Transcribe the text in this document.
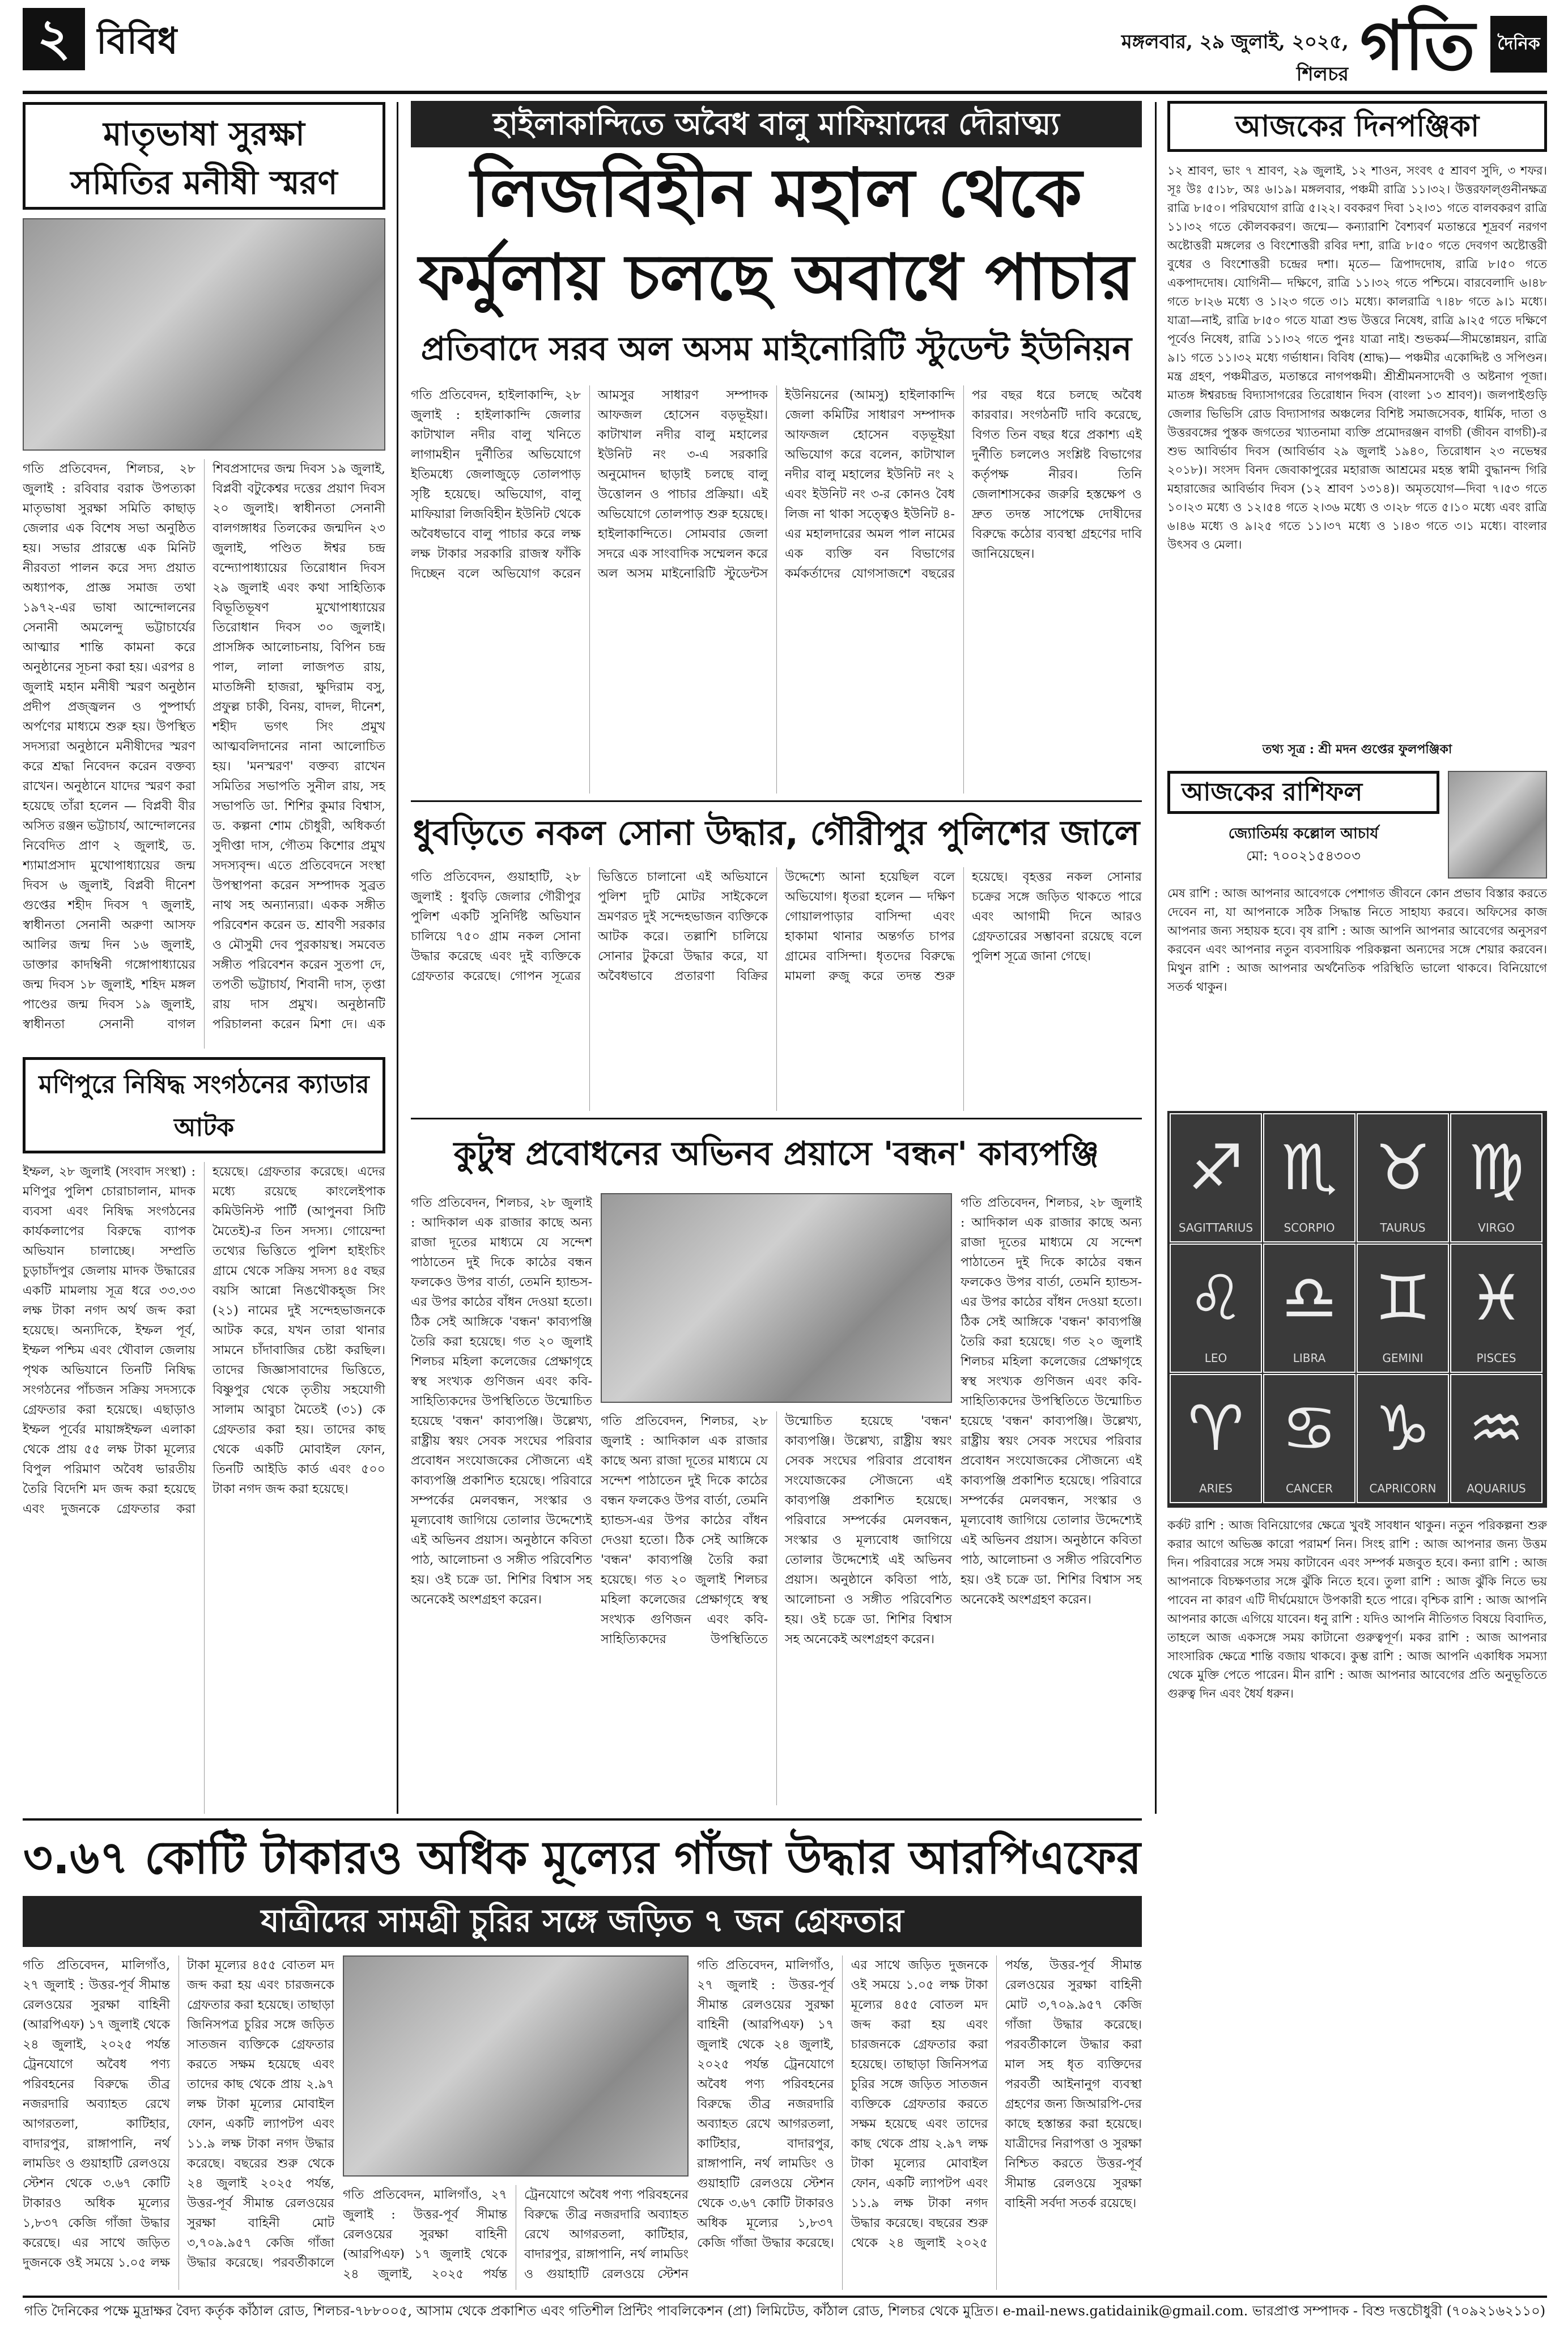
২ বিবিধ	মঙ্গলবার, ২৯ জুলাই, ২০২৫, শিলচর গতি	দৈনিক
মাতৃভাষা সুরক্ষা
সমিতির মনীষী স্মরণ
গতি প্রতিবেদন, শিলচর, ২৮ জুলাই : রবিবার বরাক উপত্যকা মাতৃভাষা সুরক্ষা সমিতি কাছাড় জেলার এক বিশেষ সভা অনুষ্ঠিত হয়। সভার প্রারম্ভে এক মিনিট নীরবতা পালন করে সদ্য প্রয়াত অধ্যাপক, প্রাজ্ঞ সমাজ তথা ১৯৭২-এর ভাষা আন্দোলনের সেনানী অমলেন্দু ভট্টাচার্যের আত্মার শান্তি কামনা করে অনুষ্ঠানের সূচনা করা হয়। এরপর ৪ জুলাই মহান মনীষী স্মরণ অনুষ্ঠান প্রদীপ প্রজ্জ্বলন ও পুষ্পার্ঘ্য অর্পণের মাধ্যমে শুরু হয়। উপস্থিত সদস্যরা অনুষ্ঠানে মনীষীদের স্মরণ করে শ্রদ্ধা নিবেদন করেন বক্তব্য রাখেন। অনুষ্ঠানে যাদের স্মরণ করা হয়েছে তাঁরা হলেন — বিপ্লবী বীর অসিত রঞ্জন ভট্টাচার্য, আন্দোলনের নিবেদিত প্রাণ ২ জুলাই, ড. শ্যামাপ্রসাদ মুখোপাধ্যায়ের জন্ম দিবস ৬ জুলাই, বিপ্লবী দীনেশ গুপ্তের শহীদ দিবস ৭ জুলাই, স্বাধীনতা সেনানী অরুণা আসফ আলির জন্ম দিন ১৬ জুলাই, ডাক্তার কাদম্বিনী গঙ্গোপাধ্যায়ের জন্ম দিবস ১৮ জুলাই, শহিদ মঙ্গল পাণ্ডের জন্ম দিবস ১৯ জুলাই, স্বাধীনতা সেনানী বাগল শিবপ্রসাদের জন্ম দিবস ১৯ জুলাই, বিপ্লবী বটুকেশ্বর দত্তের প্রয়াণ দিবস ২০ জুলাই। স্বাধীনতা সেনানী বালগঙ্গাধর তিলকের জন্মদিন ২৩ জুলাই, পণ্ডিত ঈশ্বর চন্দ্র বন্দ্যোপাধ্যায়ের তিরোধান দিবস ২৯ জুলাই এবং কথা সাহিত্যিক বিভূতিভূষণ মুখোপাধ্যায়ের তিরোধান দিবস ৩০ জুলাই। প্রাসঙ্গিক আলোচনায়, বিপিন চন্দ্র পাল, লালা লাজপত রায়, মাতঙ্গিনী হাজরা, ক্ষুদিরাম বসু, প্রফুল্ল চাকী, বিনয়, বাদল, দীনেশ, শহীদ ভগৎ সিং প্রমুখ আত্মবলিদানের নানা আলোচিত হয়। 'মনস্মরণ' বক্তব্য রাখেন সমিতির সভাপতি সুনীল রায়, সহ সভাপতি ডা. শিশির কুমার বিশ্বাস, ড. কল্পনা শোম চৌধুরী, অধিকর্তা সুদীপ্তা দাস, গৌতম কিশোর প্রমুখ সদস্যবৃন্দ। এতে প্রতিবেদনে সংস্থা উপস্থাপনা করেন সম্পাদক সুব্রত নাথ সহ অন্যান্যরা। একক সঙ্গীত পরিবেশন করেন ড. শ্রাবণী সরকার ও মৌসুমী দেব পুরকায়স্থ। সমবেত সঙ্গীত পরিবেশন করেন সুতপা দে, তপতী ভট্টাচার্য, শিবানী দাস, তৃপ্তা রায় দাস প্রমুখ। অনুষ্ঠানটি পরিচালনা করেন মিশা দে। এক
মণিপুরে নিষিদ্ধ সংগঠনের ক্যাডার আটক
ইম্ফল, ২৮ জুলাই (সংবাদ সংস্থা) : মণিপুর পুলিশ চোরাচালান, মাদক ব্যবসা এবং নিষিদ্ধ সংগঠনের কার্যকলাপের বিরুদ্ধে ব্যাপক অভিযান চালাচ্ছে। সম্প্রতি চুড়াচাঁদপুর জেলায় মাদক উদ্ধারের একটি মামলায় সূত্র ধরে ৩৩.৩৩ লক্ষ টাকা নগদ অর্থ জব্দ করা হয়েছে। অন্যদিকে, ইম্ফল পূর্ব, ইম্ফল পশ্চিম এবং থৌবাল জেলায় পৃথক অভিযানে তিনটি নিষিদ্ধ সংগঠনের পাঁচজন সক্রিয় সদস্যকে গ্রেফতার করা হয়েছে। এছাড়াও ইম্ফল পূর্বের মায়াঙ্গইম্ফল এলাকা থেকে প্রায় ৫৫ লক্ষ টাকা মূল্যের বিপুল পরিমাণ অবৈধ ভারতীয় তৈরি বিদেশি মদ জব্দ করা হয়েছে এবং দুজনকে গ্রেফতার করা হয়েছে। গ্রেফতার করেছে। এদের মধ্যে রয়েছে কাংলেইপাক কমিউনিস্ট পার্টি (আপুনবা সিটি মৈতেই)-র তিন সদস্য। গোয়েন্দা তথ্যের ভিত্তিতে পুলিশ হাইংচিং গ্রামে থেকে সক্রিয় সদস্য ৪৫ বছর বয়সি আন্নো নিঙথৌকহ্জ সিং (২১) নামের দুই সন্দেহভাজনকে আটক করে, যখন তারা থানার সামনে চাঁদাবাজির চেষ্টা করছিল। তাদের জিজ্ঞাসাবাদের ভিত্তিতে, বিষ্ণুপুর থেকে তৃতীয় সহযোগী সালাম আবুচা মৈতেই (৩১) কে গ্রেফতার করা হয়। তাদের কাছ থেকে একটি মোবাইল ফোন, তিনটি আইডি কার্ড এবং ৫০০ টাকা নগদ জব্দ করা হয়েছে।
হাইলাকান্দিতে অবৈধ বালু মাফিয়াদের দৌরাত্ম্য
লিজবিহীন মহাল থেকে
ফর্মুলায় চলছে অবাধে পাচার
প্রতিবাদে সরব অল অসম মাইনোরিটি স্টুডেন্ট ইউনিয়ন
গতি প্রতিবেদন, হাইলাকান্দি, ২৮ জুলাই : হাইলাকান্দি জেলার কাটাখাল নদীর বালু খনিতে লাগামহীন দুর্নীতির অভিযোগে ইতিমধ্যে জেলাজুড়ে তোলপাড় সৃষ্টি হয়েছে। অভিযোগ, বালু মাফিয়ারা লিজবিহীন ইউনিট থেকে অবৈধভাবে বালু পাচার করে লক্ষ লক্ষ টাকার সরকারি রাজস্ব ফাঁকি দিচ্ছেন বলে অভিযোগ করেন আমসুর সাধারণ সম্পাদক আফজল হোসেন বড়ভূইয়া। কাটাখাল নদীর বালু মহালের ইউনিট নং ৩-এ সরকারি অনুমোদন ছাড়াই চলছে বালু উত্তোলন ও পাচার প্রক্রিয়া। এই অভিযোগে তোলপাড় শুরু হয়েছে। হাইলাকান্দিতে। সোমবার জেলা সদরে এক সাংবাদিক সম্মেলন করে অল অসম মাইনোরিটি স্টুডেন্টস ইউনিয়নের (আমসু) হাইলাকান্দি জেলা কমিটির সাধারণ সম্পাদক আফজল হোসেন বড়ভূইয়া অভিযোগ করে বলেন, কাটাখাল নদীর বালু মহালের ইউনিট নং ২ এবং ইউনিট নং ৩-র কোনও বৈধ লিজ না থাকা সত্ত্বেও ইউনিট ৪-এর মহালদারের অমল পাল নামের এক ব্যক্তি বন বিভাগের কর্মকর্তাদের যোগসাজশে বছরের পর বছর ধরে চলছে অবৈধ কারবার। সংগঠনটি দাবি করেছে, বিগত তিন বছর ধরে প্রকাশ্য এই দুর্নীতি চললেও সংশ্লিষ্ট বিভাগের কর্তৃপক্ষ নীরব। তিনি জেলাশাসকের জরুরি হস্তক্ষেপ ও দ্রুত তদন্ত সাপেক্ষে দোষীদের বিরুদ্ধে কঠোর ব্যবস্থা গ্রহণের দাবি জানিয়েছেন।
ধুবড়িতে নকল সোনা উদ্ধার, গৌরীপুর পুলিশের জালে
গতি প্রতিবেদন, গুয়াহাটি, ২৮ জুলাই : ধুবড়ি জেলার গৌরীপুর পুলিশ একটি সুনির্দিষ্ট অভিযান চালিয়ে ৭৫০ গ্রাম নকল সোনা উদ্ধার করেছে এবং দুই ব্যক্তিকে গ্রেফতার করেছে। গোপন সূত্রের ভিত্তিতে চালানো এই অভিযানে পুলিশ দুটি মোটর সাইকেলে ভ্রমণরত দুই সন্দেহভাজন ব্যক্তিকে আটক করে। তল্লাশি চালিয়ে সোনার টুকরো উদ্ধার করে, যা অবৈধভাবে প্রতারণা বিক্রির উদ্দেশ্যে আনা হয়েছিল বলে অভিযোগ। ধৃতরা হলেন — দক্ষিণ গোয়ালপাড়ার বাসিন্দা এবং হাকামা থানার অন্তর্গত চাপর গ্রামের বাসিন্দা। ধৃতদের বিরুদ্ধে মামলা রুজু করে তদন্ত শুরু হয়েছে। বৃহত্তর নকল সোনার চক্রের সঙ্গে জড়িত থাকতে পারে এবং আগামী দিনে আরও গ্রেফতারের সম্ভাবনা রয়েছে বলে পুলিশ সূত্রে জানা গেছে।
কুটুম্ব প্রবোধনের অভিনব প্রয়াসে 'বন্ধন' কাব্যপঞ্জি
গতি প্রতিবেদন, শিলচর, ২৮ জুলাই : আদিকাল এক রাজার কাছে অন্য রাজা দূতের মাধ্যমে যে সন্দেশ পাঠাতেন দুই দিকে কাঠের বন্ধন ফলকেও উপর বার্তা, তেমনি হ্যান্ডস-এর উপর কাঠের বাঁধন দেওয়া হতো। ঠিক সেই আঙ্গিকে 'বন্ধন' কাব্যপঞ্জি তৈরি করা হয়েছে। গত ২০ জুলাই শিলচর মহিলা কলেজের প্রেক্ষাগৃহে স্বস্থ সংখ্যক গুণিজন এবং কবি-সাহিত্যিকদের উপস্থিতিতে উন্মোচিত হয়েছে 'বন্ধন' কাব্যপঞ্জি। উল্লেখ্য, রাষ্ট্রীয় স্বয়ং সেবক সংঘের পরিবার প্রবোধন সংযোজকের সৌজন্যে এই কাব্যপঞ্জি প্রকাশিত হয়েছে। পরিবারে সম্পর্কের মেলবন্ধন, সংস্কার ও মূল্যবোধ জাগিয়ে তোলার উদ্দেশ্যেই এই অভিনব প্রয়াস। অনুষ্ঠানে কবিতা পাঠ, আলোচনা ও সঙ্গীত পরিবেশিত হয়। ওই চক্রে ডা. শিশির বিশ্বাস সহ অনেকেই অংশগ্রহণ করেন।
গতি প্রতিবেদন, শিলচর, ২৮ জুলাই : আদিকাল এক রাজার কাছে অন্য রাজা দূতের মাধ্যমে যে সন্দেশ পাঠাতেন দুই দিকে কাঠের বন্ধন ফলকেও উপর বার্তা, তেমনি হ্যান্ডস-এর উপর কাঠের বাঁধন দেওয়া হতো। ঠিক সেই আঙ্গিকে 'বন্ধন' কাব্যপঞ্জি তৈরি করা হয়েছে। গত ২০ জুলাই শিলচর মহিলা কলেজের প্রেক্ষাগৃহে স্বস্থ সংখ্যক গুণিজন এবং কবি-সাহিত্যিকদের উপস্থিতিতে উন্মোচিত হয়েছে 'বন্ধন' কাব্যপঞ্জি। উল্লেখ্য, রাষ্ট্রীয় স্বয়ং সেবক সংঘের পরিবার প্রবোধন সংযোজকের সৌজন্যে এই কাব্যপঞ্জি প্রকাশিত হয়েছে। পরিবারে সম্পর্কের মেলবন্ধন, সংস্কার ও মূল্যবোধ জাগিয়ে তোলার উদ্দেশ্যেই এই অভিনব প্রয়াস। অনুষ্ঠানে কবিতা পাঠ, আলোচনা ও সঙ্গীত পরিবেশিত হয়। ওই চক্রে ডা. শিশির বিশ্বাস সহ অনেকেই অংশগ্রহণ করেন।
গতি প্রতিবেদন, শিলচর, ২৮ জুলাই : আদিকাল এক রাজার কাছে অন্য রাজা দূতের মাধ্যমে যে সন্দেশ পাঠাতেন দুই দিকে কাঠের বন্ধন ফলকেও উপর বার্তা, তেমনি হ্যান্ডস-এর উপর কাঠের বাঁধন দেওয়া হতো। ঠিক সেই আঙ্গিকে 'বন্ধন' কাব্যপঞ্জি তৈরি করা হয়েছে। গত ২০ জুলাই শিলচর মহিলা কলেজের প্রেক্ষাগৃহে স্বস্থ সংখ্যক গুণিজন এবং কবি-সাহিত্যিকদের উপস্থিতিতে উন্মোচিত হয়েছে 'বন্ধন' কাব্যপঞ্জি। উল্লেখ্য, রাষ্ট্রীয় স্বয়ং সেবক সংঘের পরিবার প্রবোধন সংযোজকের সৌজন্যে এই কাব্যপঞ্জি প্রকাশিত হয়েছে। পরিবারে সম্পর্কের মেলবন্ধন, সংস্কার ও মূল্যবোধ জাগিয়ে তোলার উদ্দেশ্যেই এই অভিনব প্রয়াস। অনুষ্ঠানে কবিতা পাঠ, আলোচনা ও সঙ্গীত পরিবেশিত হয়। ওই চক্রে ডা. শিশির বিশ্বাস সহ অনেকেই অংশগ্রহণ করেন।
আজকের দিনপঞ্জিকা
১২ শ্রাবণ, ভাং ৭ শ্রাবণ, ২৯ জুলাই, ১২ শাওন, সংবৎ ৫ শ্রাবণ সুদি, ৩ শফর। সূঃ উঃ ৫।১৮, অঃ ৬।১৯। মঙ্গলবার, পঞ্চমী রাত্রি ১১।৩২। উত্তরফাল্গুনীনক্ষত্র রাত্রি ৮।৫০। পরিঘযোগ রাত্রি ৫।২২। ববকরণ দিবা ১২।৩১ গতে বালবকরণ রাত্রি ১১।৩২ গতে কৌলবকরণ। জন্মে— কন্যারাশি বৈশ্যবর্ণ মতান্তরে শূদ্রবর্ণ নরগণ অষ্টোত্তরী মঙ্গলের ও বিংশোত্তরী রবির দশা, রাত্রি ৮।৫০ গতে দেবগণ অষ্টোত্তরী বুধের ও বিংশোত্তরী চন্দ্রের দশা। মৃতে— ত্রিপাদদোষ, রাত্রি ৮।৫০ গতে একপাদদোষ। যোগিনী— দক্ষিণে, রাত্রি ১১।৩২ গতে পশ্চিমে। বারবেলাদি ৬।৪৮ গতে ৮।২৬ মধ্যে ও ১।২৩ গতে ৩।১ মধ্যে। কালরাত্রি ৭।৪৮ গতে ৯।১ মধ্যে। যাত্রা—নাই, রাত্রি ৮।৫০ গতে যাত্রা শুভ উত্তরে নিষেধ, রাত্রি ৯।২৫ গতে দক্ষিণে পূর্বেও নিষেধ, রাত্রি ১১।৩২ গতে পুনঃ যাত্রা নাই। শুভকর্ম—সীমন্তোন্নয়ন, রাত্রি ৯।১ গতে ১১।৩২ মধ্যে গর্ভাধান। বিবিধ (শ্রাদ্ধ)— পঞ্চমীর একোদ্দিষ্ট ও সপিণ্ডন। মন্ত্র গ্রহণ, পঞ্চমীব্রত, মতান্তরে নাগপঞ্চমী। শ্রীশ্রীমনসাদেবী ও অষ্টনাগ পূজা। মাতঙ্গ ঈশ্বরচন্দ্র বিদ্যাসাগরের তিরোধান দিবস (বাংলা ১৩ শ্রাবণ)। জলপাইগুড়ি জেলার ভিভিসি রোড বিদ্যাসাগর অঞ্চলের বিশিষ্ট সমাজসেবক, ধার্মিক, দাতা ও উত্তরবঙ্গের পুস্তক জগতের খ্যাতনামা ব্যক্তি প্রমোদরঞ্জন বাগচী (জীবন বাগচী)-র শুভ আবির্ভাব দিবস (আবির্ভাব ২৯ জুলাই ১৯৪০, তিরোধান ২৩ নভেম্বর ২০১৮)। সংসদ বিনদ জেবাকাপুরের মহারাজ আশ্রমের মহন্ত স্বামী বুদ্ধানন্দ গিরি মহারাজের আবির্ভাব দিবস (১২ শ্রাবণ ১৩১৪)। অমৃতযোগ—দিবা ৭।৫৩ গতে ১০।২৩ মধ্যে ও ১২।৫৪ গতে ২।৩৬ মধ্যে ও ৩।২৮ গতে ৫।১০ মধ্যে এবং রাত্রি ৬।৪৬ মধ্যে ও ৯।২৫ গতে ১১।৩৭ মধ্যে ও ১।৪৩ গতে ৩।১ মধ্যে। বাংলার উৎসব ও মেলা।
তথ্য সূত্র : শ্রী মদন গুপ্তের ফুলপঞ্জিকা
আজকের রাশিফল
জ্যোতির্ময় কল্লোল আচার্য
মো: ৭০০২১৫৪৩০৩
মেষ রাশি : আজ আপনার আবেগকে পেশাগত জীবনে কোন প্রভাব বিস্তার করতে দেবেন না, যা আপনাকে সঠিক সিদ্ধান্ত নিতে সাহায্য করবে। অফিসের কাজ আপনার জন্য সহায়ক হবে। বৃষ রাশি : আজ আপনি আপনার আবেগের অনুসরণ করবেন এবং আপনার নতুন ব্যবসায়িক পরিকল্পনা অন্যদের সঙ্গে শেয়ার করবেন। মিথুন রাশি : আজ আপনার অর্থনৈতিক পরিস্থিতি ভালো থাকবে। বিনিয়োগে সতর্ক থাকুন।
♐
SAGITTARIUS
♏
SCORPIO
♉
TAURUS
♍
VIRGO
♌
LEO
♎
LIBRA
♊
GEMINI
♓
PISCES
♈
ARIES
♋
CANCER
♑
CAPRICORN
♒
AQUARIUS
কর্কট রাশি : আজ বিনিয়োগের ক্ষেত্রে খুবই সাবধান থাকুন। নতুন পরিকল্পনা শুরু করার আগে অভিজ্ঞ কারো পরামর্শ নিন। সিংহ রাশি : আজ আপনার জন্য উত্তম দিন। পরিবারের সঙ্গে সময় কাটাবেন এবং সম্পর্ক মজবুত হবে। কন্যা রাশি : আজ আপনাকে বিচক্ষণতার সঙ্গে ঝুঁকি নিতে হবে। তুলা রাশি : আজ ঝুঁকি নিতে ভয় পাবেন না কারণ এটি দীর্ঘমেয়াদে উপকারী হতে পারে। বৃশ্চিক রাশি : আজ আপনি আপনার কাজে এগিয়ে যাবেন। ধনু রাশি : যদিও আপনি নীতিগত বিষয়ে বিবাদিত, তাহলে আজ একসঙ্গে সময় কাটানো গুরুত্বপূর্ণ। মকর রাশি : আজ আপনার সাংসারিক ক্ষেত্রে শান্তি বজায় থাকবে। কুম্ভ রাশি : আজ আপনি একাধিক সমস্যা থেকে মুক্তি পেতে পারেন। মীন রাশি : আজ আপনার আবেগের প্রতি অনুভূতিতে গুরুত্ব দিন এবং ধৈর্য ধরুন।
৩.৬৭ কোটি টাকারও অধিক মূল্যের গাঁজা উদ্ধার আরপিএফের
যাত্রীদের সামগ্রী চুরির সঙ্গে জড়িত ৭ জন গ্রেফতার
গতি প্রতিবেদন, মালিগাঁও, ২৭ জুলাই : উত্তর-পূর্ব সীমান্ত রেলওয়ের সুরক্ষা বাহিনী (আরপিএফ) ১৭ জুলাই থেকে ২৪ জুলাই, ২০২৫ পর্যন্ত ট্রেনযোগে অবৈধ পণ্য পরিবহনের বিরুদ্ধে তীব্র নজরদারি অব্যাহত রেখে আগরতলা, কাটিহার, বাদারপুর, রাঙ্গাপানি, নর্থ লামডিং ও গুয়াহাটি রেলওয়ে স্টেশন থেকে ৩.৬৭ কোটি টাকারও অধিক মূল্যের ১,৮৩৭ কেজি গাঁজা উদ্ধার করেছে। এর সাথে জড়িত দুজনকে ওই সময়ে ১.০৫ লক্ষ টাকা মূল্যের ৪৫৫ বোতল মদ জব্দ করা হয় এবং চারজনকে গ্রেফতার করা হয়েছে। তাছাড়া জিনিসপত্র চুরির সঙ্গে জড়িত সাতজন ব্যক্তিকে গ্রেফতার করতে সক্ষম হয়েছে এবং তাদের কাছ থেকে প্রায় ২.৯৭ লক্ষ টাকা মূল্যের মোবাইল ফোন, একটি ল্যাপটপ এবং ১১.৯ লক্ষ টাকা নগদ উদ্ধার করেছে। বছরের শুরু থেকে ২৪ জুলাই ২০২৫ পর্যন্ত, উত্তর-পূর্ব সীমান্ত রেলওয়ের সুরক্ষা বাহিনী মোট ৩,৭০৯.৯৫৭ কেজি গাঁজা উদ্ধার করেছে। পরবর্তীকালে
গতি প্রতিবেদন, মালিগাঁও, ২৭ জুলাই : উত্তর-পূর্ব সীমান্ত রেলওয়ের সুরক্ষা বাহিনী (আরপিএফ) ১৭ জুলাই থেকে ২৪ জুলাই, ২০২৫ পর্যন্ত ট্রেনযোগে অবৈধ পণ্য পরিবহনের বিরুদ্ধে তীব্র নজরদারি অব্যাহত রেখে আগরতলা, কাটিহার, বাদারপুর, রাঙ্গাপানি, নর্থ লামডিং ও গুয়াহাটি রেলওয়ে স্টেশন
গতি প্রতিবেদন, মালিগাঁও, ২৭ জুলাই : উত্তর-পূর্ব সীমান্ত রেলওয়ের সুরক্ষা বাহিনী (আরপিএফ) ১৭ জুলাই থেকে ২৪ জুলাই, ২০২৫ পর্যন্ত ট্রেনযোগে অবৈধ পণ্য পরিবহনের বিরুদ্ধে তীব্র নজরদারি অব্যাহত রেখে আগরতলা, কাটিহার, বাদারপুর, রাঙ্গাপানি, নর্থ লামডিং ও গুয়াহাটি রেলওয়ে স্টেশন থেকে ৩.৬৭ কোটি টাকারও অধিক মূল্যের ১,৮৩৭ কেজি গাঁজা উদ্ধার করেছে। এর সাথে জড়িত দুজনকে ওই সময়ে ১.০৫ লক্ষ টাকা মূল্যের ৪৫৫ বোতল মদ জব্দ করা হয় এবং চারজনকে গ্রেফতার করা হয়েছে। তাছাড়া জিনিসপত্র চুরির সঙ্গে জড়িত সাতজন ব্যক্তিকে গ্রেফতার করতে সক্ষম হয়েছে এবং তাদের কাছ থেকে প্রায় ২.৯৭ লক্ষ টাকা মূল্যের মোবাইল ফোন, একটি ল্যাপটপ এবং ১১.৯ লক্ষ টাকা নগদ উদ্ধার করেছে। বছরের শুরু থেকে ২৪ জুলাই ২০২৫ পর্যন্ত, উত্তর-পূর্ব সীমান্ত রেলওয়ের সুরক্ষা বাহিনী মোট ৩,৭০৯.৯৫৭ কেজি গাঁজা উদ্ধার করেছে। পরবর্তীকালে উদ্ধার করা মাল সহ ধৃত ব্যক্তিদের পরবর্তী আইনানুগ ব্যবস্থা গ্রহণের জন্য জিআরপি-দের কাছে হস্তান্তর করা হয়েছে। যাত্রীদের নিরাপত্তা ও সুরক্ষা নিশ্চিত করতে উত্তর-পূর্ব সীমান্ত রেলওয়ে সুরক্ষা বাহিনী সর্বদা সতর্ক রয়েছে।
গতি দৈনিকের পক্ষে মুদ্রাক্ষর বৈদ্য কর্তৃক কাঁঠাল রোড, শিলচর-৭৮৮০০৫, আসাম থেকে প্রকাশিত এবং গতিশীল প্রিন্টিং পাবলিকেশন (প্রা) লিমিটেড, কাঁঠাল রোড, শিলচর থেকে মুদ্রিত। e-mail-news.gatidainik@gmail.com. ভারপ্রাপ্ত সম্পাদক - বিশু দত্তচৌধুরী (৭০৯২১৬২১১০)
